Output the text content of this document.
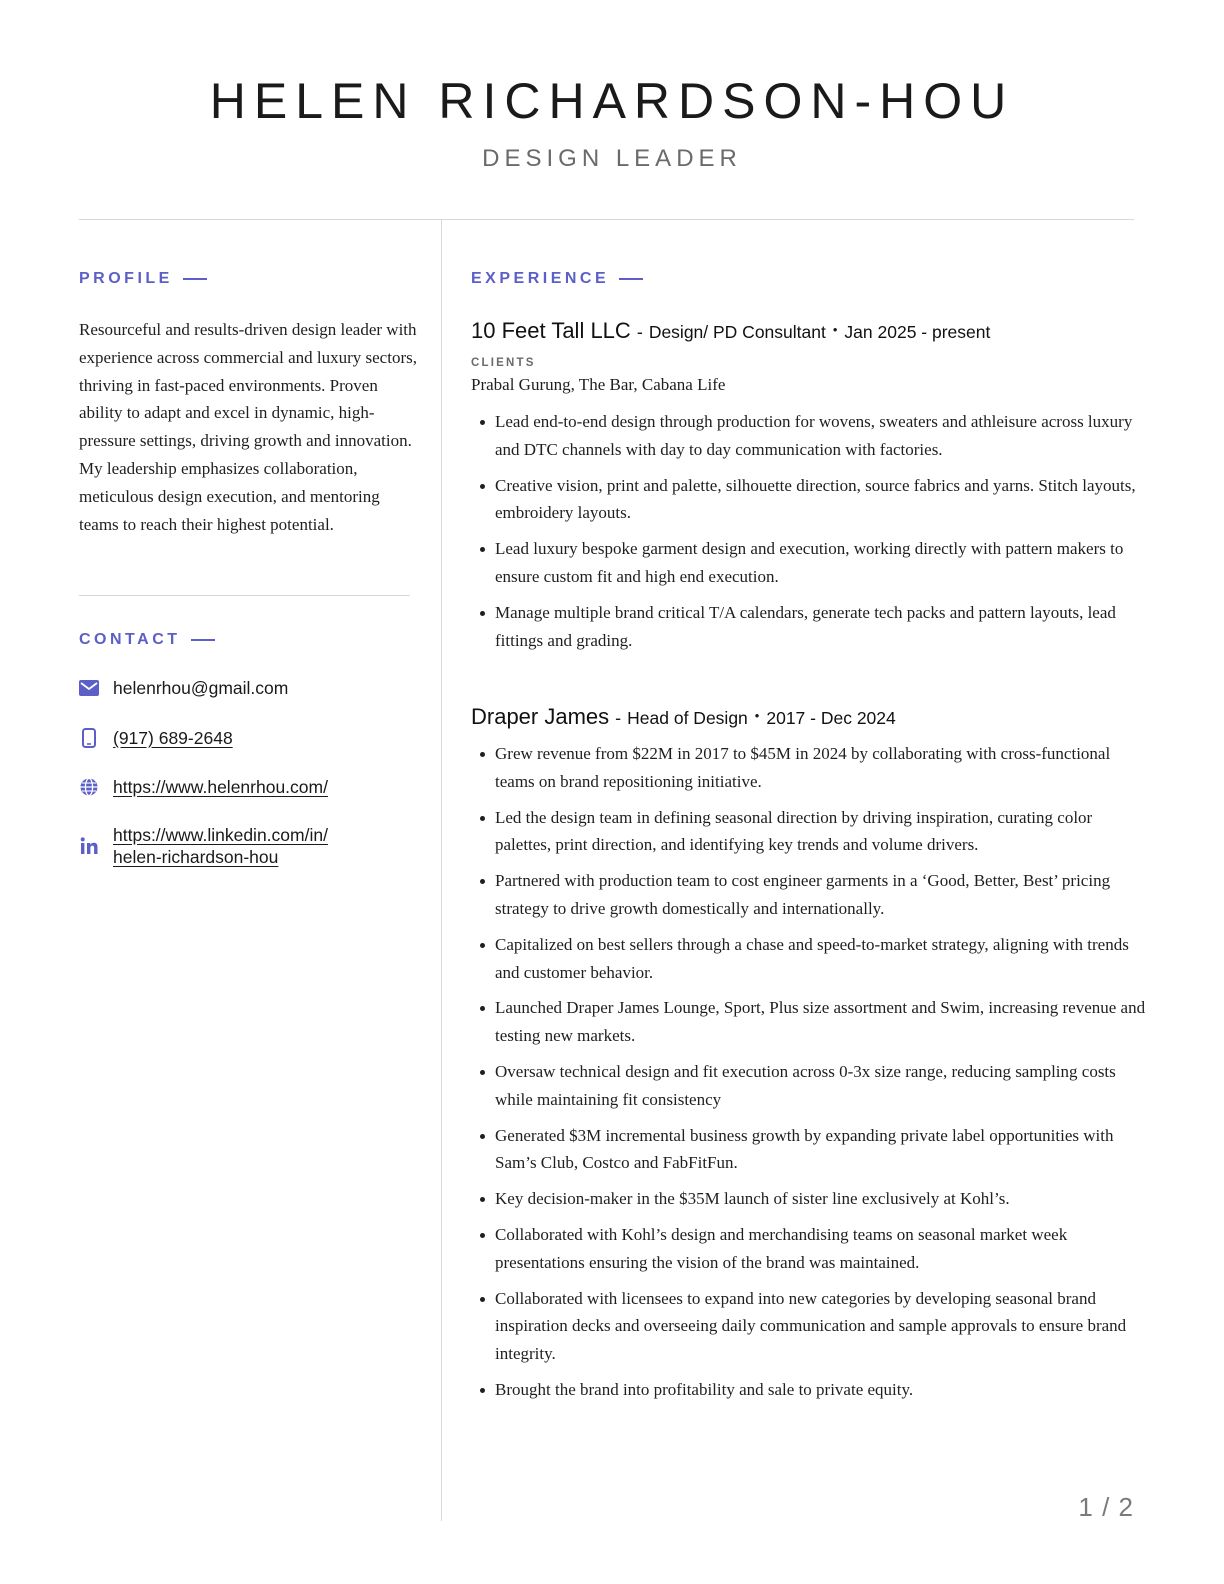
HELEN RICHARDSON-HOU
DESIGN LEADER
PROFILE
Resourceful and results-driven design leader with experience across commercial and luxury sectors, thriving in fast-paced environments. Proven ability to adapt and excel in dynamic, high-pressure settings, driving growth and innovation. My leadership emphasizes collaboration, meticulous design execution, and mentoring teams to reach their highest potential.
CONTACT
helenrhou@gmail.com
(917) 689-2648
https://www.helenrhou.com/
https://www.linkedin.com/in/
helen-richardson-hou
EXPERIENCE
10 Feet Tall LLC - Design/ PD Consultant • Jan 2025 - present
CLIENTS
Prabal Gurung, The Bar, Cabana Life
Lead end-to-end design through production for wovens, sweaters and athleisure across luxury and DTC channels with day to day communication with factories.
Creative vision, print and palette, silhouette direction, source fabrics and yarns. Stitch layouts, embroidery layouts.
Lead luxury bespoke garment design and execution, working directly with pattern makers to ensure custom fit and high end execution.
Manage multiple brand critical T/A calendars, generate tech packs and pattern layouts, lead fittings and grading.
Draper James - Head of Design • 2017 - Dec 2024
Grew revenue from $22M in 2017 to $45M in 2024 by collaborating with cross-functional teams on brand repositioning initiative.
Led the design team in defining seasonal direction by driving inspiration, curating color palettes, print direction, and identifying key trends and volume drivers.
Partnered with production team to cost engineer garments in a ‘Good, Better, Best’ pricing strategy to drive growth domestically and internationally.
Capitalized on best sellers through a chase and speed-to-market strategy, aligning with trends and customer behavior.
Launched Draper James Lounge, Sport, Plus size assortment and Swim, increasing revenue and testing new markets.
Oversaw technical design and fit execution across 0-3x size range, reducing sampling costs while maintaining fit consistency
Generated $3M incremental business growth by expanding private label opportunities with Sam’s Club, Costco and FabFitFun.
Key decision-maker in the $35M launch of sister line exclusively at Kohl’s.
Collaborated with Kohl’s design and merchandising teams on seasonal market week presentations ensuring the vision of the brand was maintained.
Collaborated with licensees to expand into new categories by developing seasonal brand inspiration decks and overseeing daily communication and sample approvals to ensure brand integrity.
Brought the brand into profitability and sale to private equity.
1 / 2
